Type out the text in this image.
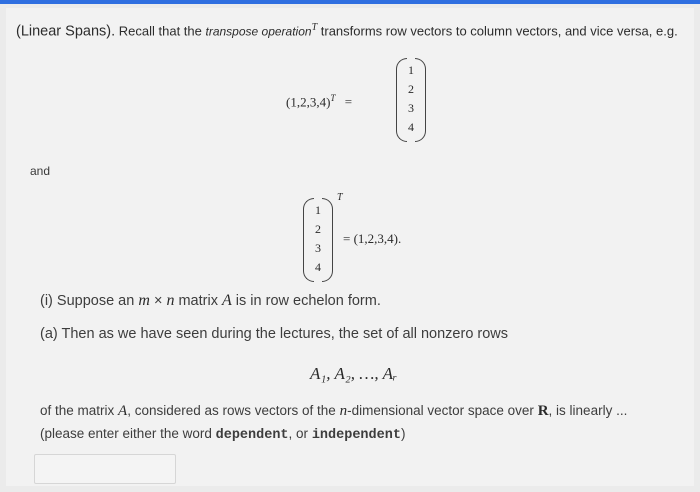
(Linear Spans). Recall that the transpose operation$^T$ transforms row vectors to column vectors, and vice versa, e.g.
$(1,2,3,4)^T$ =
1
2
3
4
and
1
2
3
4
T
= (1,2,3,4).
(i) Suppose an m × n matrix A is in row echelon form.
(a) Then as we have seen during the lectures, the set of all nonzero rows
A₁, A₂, …, Aᵣ
of the matrix A, considered as rows vectors of the n-dimensional vector space over R, is linearly ...
(please enter either the word dependent, or independent)
